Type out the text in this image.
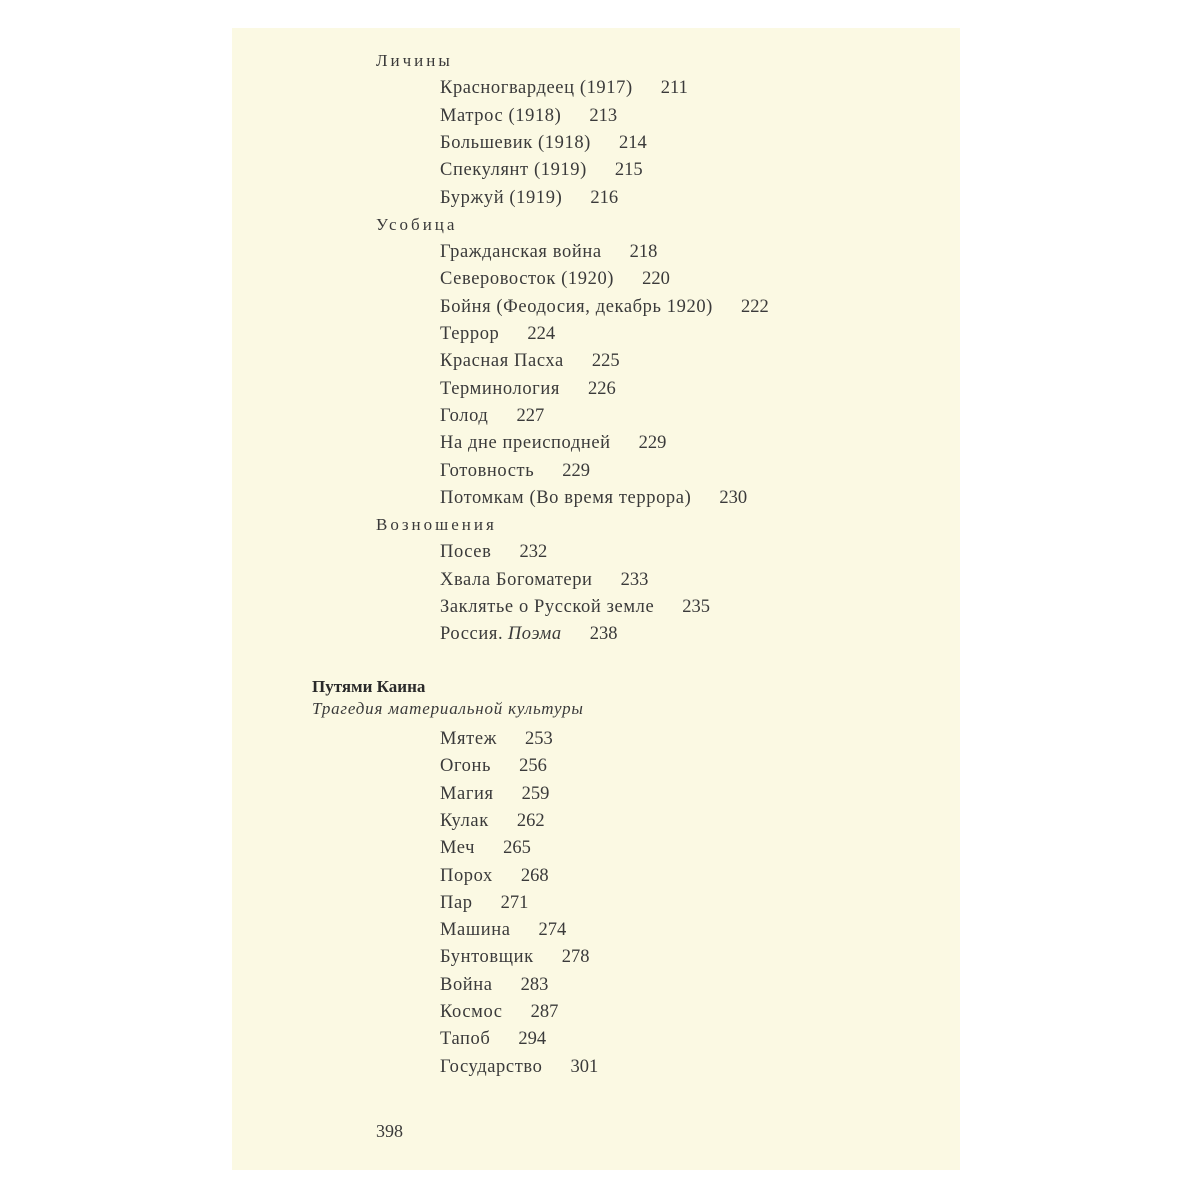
Личины
Красногвардеец (1917) 211
Матрос (1918) 213
Большевик (1918) 214
Спекулянт (1919) 215
Буржуй (1919) 216
Усобица
Гражданская война 218
Северовосток (1920) 220
Бойня (Феодосия, декабрь 1920) 222
Террор 224
Красная Пасха 225
Терминология 226
Голод 227
На дне преисподней 229
Готовность 229
Потомкам (Во время террора) 230
Возношения
Посев 232
Хвала Богоматери 233
Заклятье о Русской земле 235
Россия. Поэма 238
Путями Каина
Трагедия материальной культуры
Мятеж 253
Огонь 256
Магия 259
Кулак 262
Меч 265
Порох 268
Пар 271
Машина 274
Бунтовщик 278
Война 283
Космос 287
Тапоб 294
Государство 301
398
